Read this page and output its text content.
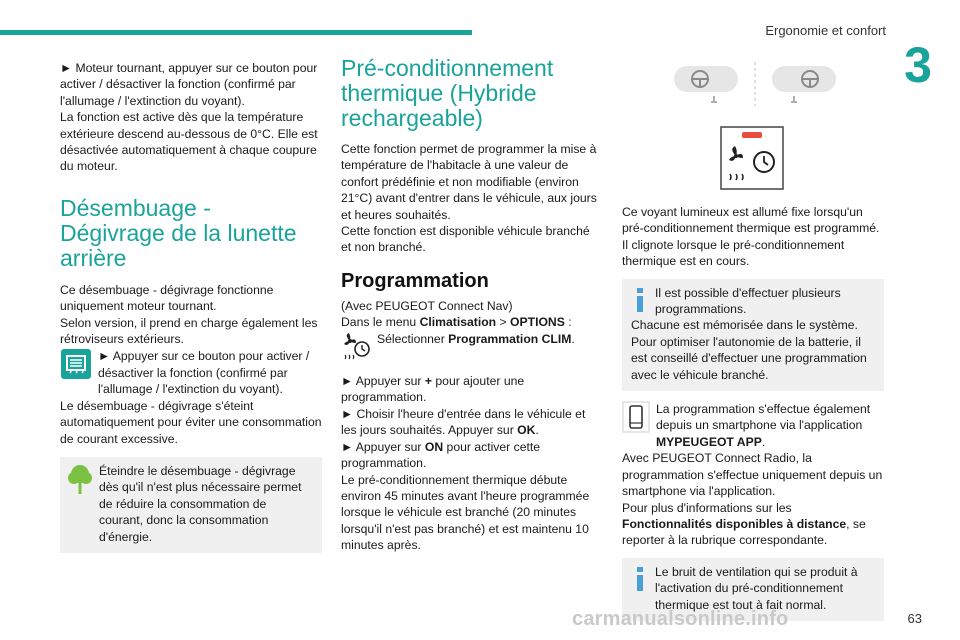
Ergonomie et confort
3

► Moteur tournant, appuyer sur ce bouton pour activer / désactiver la fonction (confirmé par l'allumage / l'extinction du voyant).

La fonction est active dès que la température extérieure descend au-dessous de 0°C. Elle est désactivée automatiquement à chaque coupure du moteur.

Désembuage - Dégivrage de la lunette arrière

Ce désembuage - dégivrage fonctionne uniquement moteur tournant.

Selon version, il prend en charge également les rétroviseurs extérieurs.

► Appuyer sur ce bouton pour activer / désactiver la fonction (confirmé par l'allumage / l'extinction du voyant).

Le désembuage - dégivrage s'éteint automatiquement pour éviter une consommation de courant excessive.

Éteindre le désembuage - dégivrage dès qu'il n'est plus nécessaire permet de réduire la consommation de courant, donc la consommation d'énergie.

Pré-conditionnement thermique (Hybride rechargeable)

Cette fonction permet de programmer la mise à température de l'habitacle à une valeur de confort prédéfinie et non modifiable (environ 21°C) avant d'entrer dans le véhicule, aux jours et heures souhaités.

Cette fonction est disponible véhicule branché et non branché.

Programmation

(Avec PEUGEOT Connect Nav)

Dans le menu Climatisation > OPTIONS :

Sélectionner Programmation CLIM.

► Appuyer sur + pour ajouter une programmation.

► Choisir l'heure d'entrée dans le véhicule et les jours souhaités. Appuyer sur OK.

► Appuyer sur ON pour activer cette programmation.

Le pré-conditionnement thermique débute environ 45 minutes avant l'heure programmée lorsque le véhicule est branché (20 minutes lorsqu'il n'est pas branché) et est maintenu 10 minutes après.

Ce voyant lumineux est allumé fixe lorsqu'un pré-conditionnement thermique est programmé.

Il clignote lorsque le pré-conditionnement thermique est en cours.

Il est possible d'effectuer plusieurs programmations.

Chacune est mémorisée dans le système.

Pour optimiser l'autonomie de la batterie, il est conseillé d'effectuer une programmation avec le véhicule branché.

La programmation s'effectue également depuis un smartphone via l'application MYPEUGEOT APP.

Avec PEUGEOT Connect Radio, la programmation s'effectue uniquement depuis un smartphone via l'application.

Pour plus d'informations sur les Fonctionnalités disponibles à distance, se reporter à la rubrique correspondante.

Le bruit de ventilation qui se produit à l'activation du pré-conditionnement thermique est tout à fait normal.

63
carmanualsonline.info
